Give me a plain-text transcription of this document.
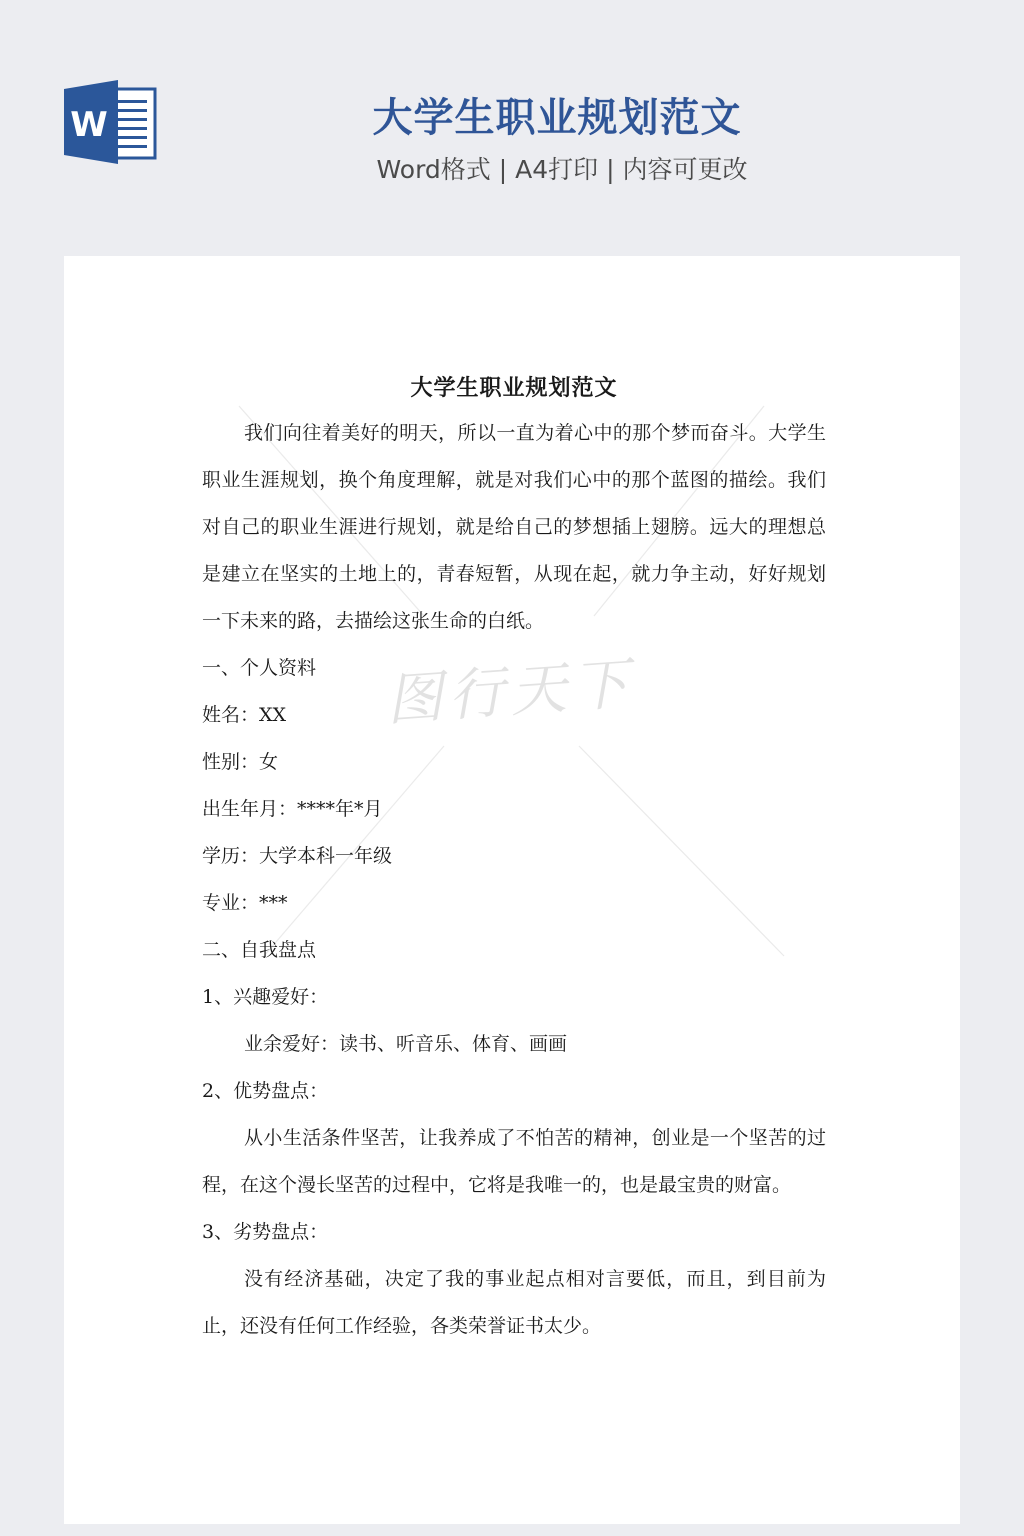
W	大学生职业规划范文
Word格式 | A4打印 | 内容可更改
图行天下
大学生职业规划范文

我们向往着美好的明天，所以一直为着心中的那个梦而奋斗。大学生职业生涯规划，换个角度理解，就是对我们心中的那个蓝图的描绘。我们对自己的职业生涯进行规划，就是给自己的梦想插上翅膀。远大的理想总是建立在坚实的土地上的，青春短暂，从现在起，就力争主动，好好规划一下未来的路，去描绘这张生命的白纸。

一、个人资料

姓名：XX

性别：女

出生年月：****年*月

学历：大学本科一年级

专业：***

二、自我盘点

1、兴趣爱好：

业余爱好：读书、听音乐、体育、画画

2、优势盘点：

从小生活条件坚苦，让我养成了不怕苦的精神，创业是一个坚苦的过程，在这个漫长坚苦的过程中，它将是我唯一的，也是最宝贵的财富。

3、劣势盘点：

没有经济基础，决定了我的事业起点相对言要低，而且，到目前为止，还没有任何工作经验，各类荣誉证书太少。
